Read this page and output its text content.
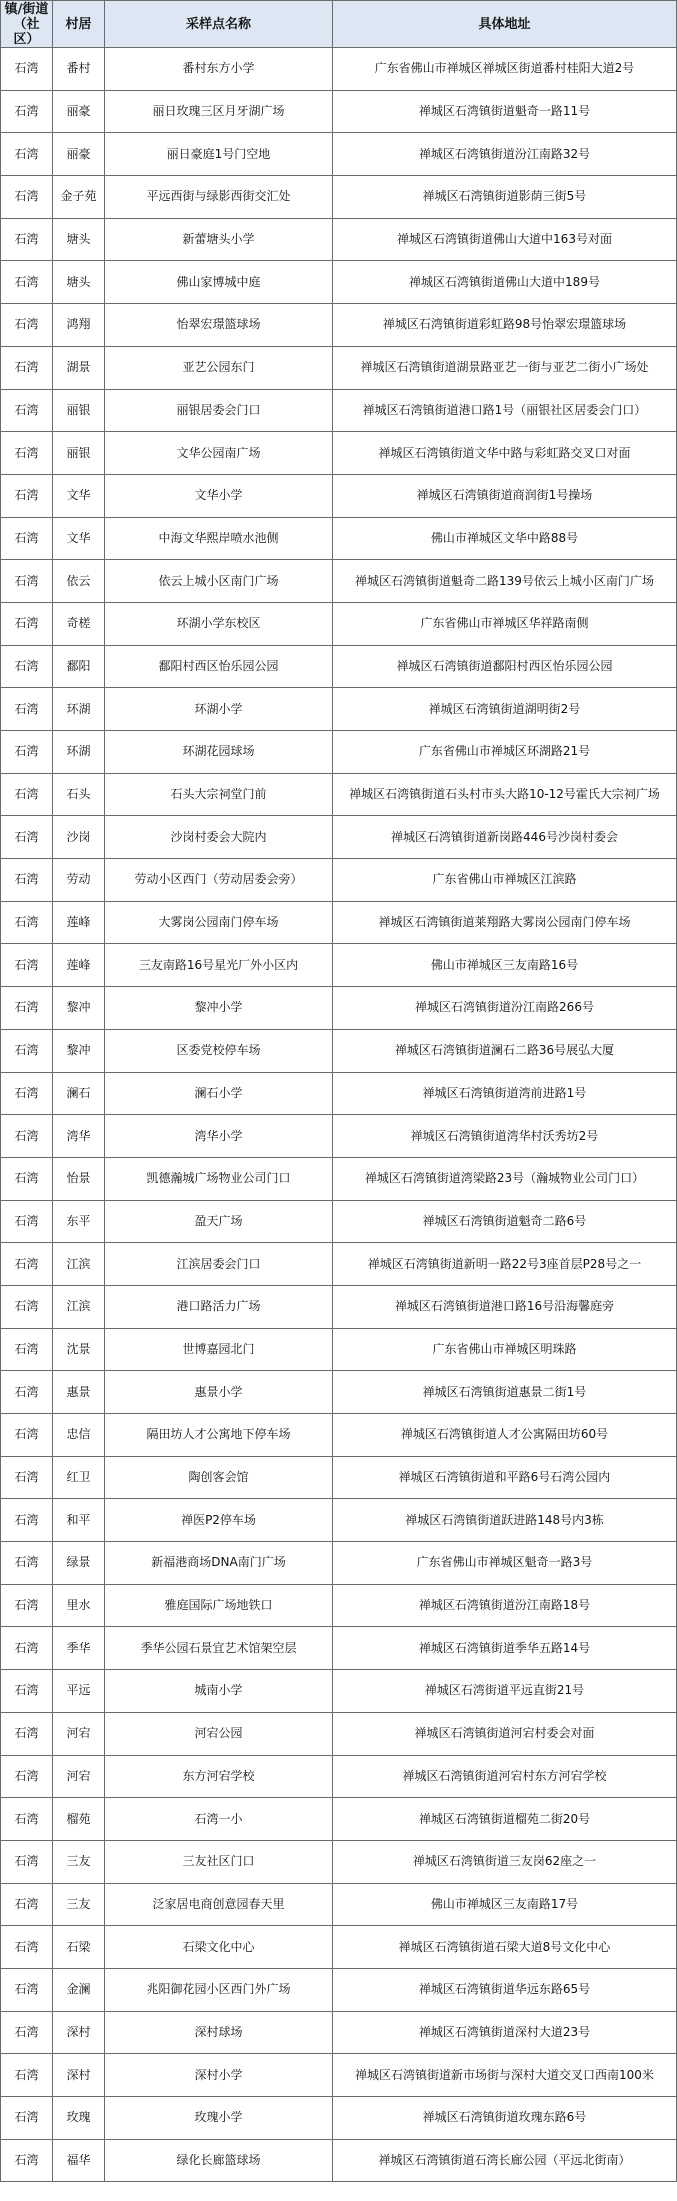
镇/街道（社区）	村居	采样点名称	具体地址
石湾	番村	番村东方小学	广东省佛山市禅城区禅城区街道番村桂阳大道2号
石湾	丽豪	丽日玫瑰三区月牙湖广场	禅城区石湾镇街道魁奇一路11号
石湾	丽豪	丽日豪庭1号门空地	禅城区石湾镇街道汾江南路32号
石湾	金子苑	平远西街与绿影西街交汇处	禅城区石湾镇街道影荫三街5号
石湾	塘头	新蕾塘头小学	禅城区石湾镇街道佛山大道中163号对面
石湾	塘头	佛山家博城中庭	禅城区石湾镇街道佛山大道中189号
石湾	鸿翔	怡翠宏璟篮球场	禅城区石湾镇街道彩虹路98号怡翠宏璟篮球场
石湾	湖景	亚艺公园东门	禅城区石湾镇街道湖景路亚艺一街与亚艺二街小广场处
石湾	丽银	丽银居委会门口	禅城区石湾镇街道港口路1号（丽银社区居委会门口）
石湾	丽银	文华公园南广场	禅城区石湾镇街道文华中路与彩虹路交叉口对面
石湾	文华	文华小学	禅城区石湾镇街道商润街1号操场
石湾	文华	中海文华熙岸喷水池侧	佛山市禅城区文华中路88号
石湾	依云	依云上城小区南门广场	禅城区石湾镇街道魁奇二路139号依云上城小区南门广场
石湾	奇槎	环湖小学东校区	广东省佛山市禅城区华祥路南侧
石湾	鄱阳	鄱阳村西区怡乐园公园	禅城区石湾镇街道鄱阳村西区怡乐园公园
石湾	环湖	环湖小学	禅城区石湾镇街道湖明街2号
石湾	环湖	环湖花园球场	广东省佛山市禅城区环湖路21号
石湾	石头	石头大宗祠堂门前	禅城区石湾镇街道石头村市头大路10-12号霍氏大宗祠广场
石湾	沙岗	沙岗村委会大院内	禅城区石湾镇街道新岗路446号沙岗村委会
石湾	劳动	劳动小区西门（劳动居委会旁）	广东省佛山市禅城区江滨路
石湾	莲峰	大雾岗公园南门停车场	禅城区石湾镇街道莱翔路大雾岗公园南门停车场
石湾	莲峰	三友南路16号星光厂外小区内	佛山市禅城区三友南路16号
石湾	黎冲	黎冲小学	禅城区石湾镇街道汾江南路266号
石湾	黎冲	区委党校停车场	禅城区石湾镇街道澜石二路36号展弘大厦
石湾	澜石	澜石小学	禅城区石湾镇街道湾前进路1号
石湾	湾华	湾华小学	禅城区石湾镇街道湾华村沃秀坊2号
石湾	怡景	凯德瀚城广场物业公司门口	禅城区石湾镇街道湾梁路23号（瀚城物业公司门口）
石湾	东平	盈天广场	禅城区石湾镇街道魁奇二路6号
石湾	江滨	江滨居委会门口	禅城区石湾镇街道新明一路22号3座首层P28号之一
石湾	江滨	港口路活力广场	禅城区石湾镇街道港口路16号沿海馨庭旁
石湾	沈景	世博嘉园北门	广东省佛山市禅城区明珠路
石湾	惠景	惠景小学	禅城区石湾镇街道惠景二街1号
石湾	忠信	隔田坊人才公寓地下停车场	禅城区石湾镇街道人才公寓隔田坊60号
石湾	红卫	陶创客会馆	禅城区石湾镇街道和平路6号石湾公园内
石湾	和平	禅医P2停车场	禅城区石湾镇街道跃进路148号内3栋
石湾	绿景	新福港商场DNA南门广场	广东省佛山市禅城区魁奇一路3号
石湾	里水	雅庭国际广场地铁口	禅城区石湾镇街道汾江南路18号
石湾	季华	季华公园石景宜艺术馆架空层	禅城区石湾镇街道季华五路14号
石湾	平远	城南小学	禅城区石湾街道平远直街21号
石湾	河宕	河宕公园	禅城区石湾镇街道河宕村委会对面
石湾	河宕	东方河宕学校	禅城区石湾镇街道河宕村东方河宕学校
石湾	榴苑	石湾一小	禅城区石湾镇街道榴苑二街20号
石湾	三友	三友社区门口	禅城区石湾镇街道三友岗62座之一
石湾	三友	泛家居电商创意园春天里	佛山市禅城区三友南路17号
石湾	石梁	石梁文化中心	禅城区石湾镇街道石梁大道8号文化中心
石湾	金澜	兆阳御花园小区西门外广场	禅城区石湾镇街道华远东路65号
石湾	深村	深村球场	禅城区石湾镇街道深村大道23号
石湾	深村	深村小学	禅城区石湾镇街道新市场街与深村大道交叉口西南100米
石湾	玫瑰	玫瑰小学	禅城区石湾镇街道玫瑰东路6号
石湾	福华	绿化长廊篮球场	禅城区石湾镇街道石湾长廊公园（平远北街南）
